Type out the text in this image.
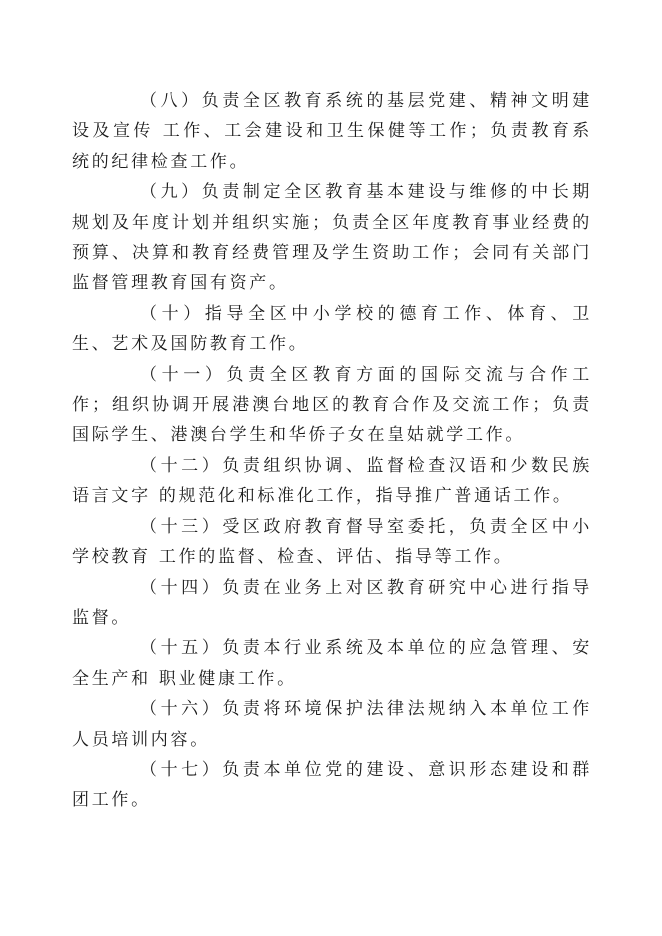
（八）负责全区教育系统的基层党建、精神文明建设及宣传 工作、工会建设和卫生保健等工作；负责教育系统的纪律检查工作。

（九）负责制定全区教育基本建设与维修的中长期规划及年度计划并组织实施；负责全区年度教育事业经费的预算、决算和教育经费管理及学生资助工作；会同有关部门监督管理教育国有资产。

（十）指导全区中小学校的德育工作、体育、卫生、艺术及国防教育工作。

（十一）负责全区教育方面的国际交流与合作工作；组织协调开展港澳台地区的教育合作及交流工作；负责国际学生、港澳台学生和华侨子女在皇姑就学工作。

（十二）负责组织协调、监督检查汉语和少数民族语言文字 的规范化和标准化工作，指导推广普通话工作。

（十三）受区政府教育督导室委托，负责全区中小学校教育 工作的监督、检查、评估、指导等工作。

（十四）负责在业务上对区教育研究中心进行指导监督。

（十五）负责本行业系统及本单位的应急管理、安全生产和 职业健康工作。

（十六）负责将环境保护法律法规纳入本单位工作人员培训内容。

（十七）负责本单位党的建设、意识形态建设和群团工作。
